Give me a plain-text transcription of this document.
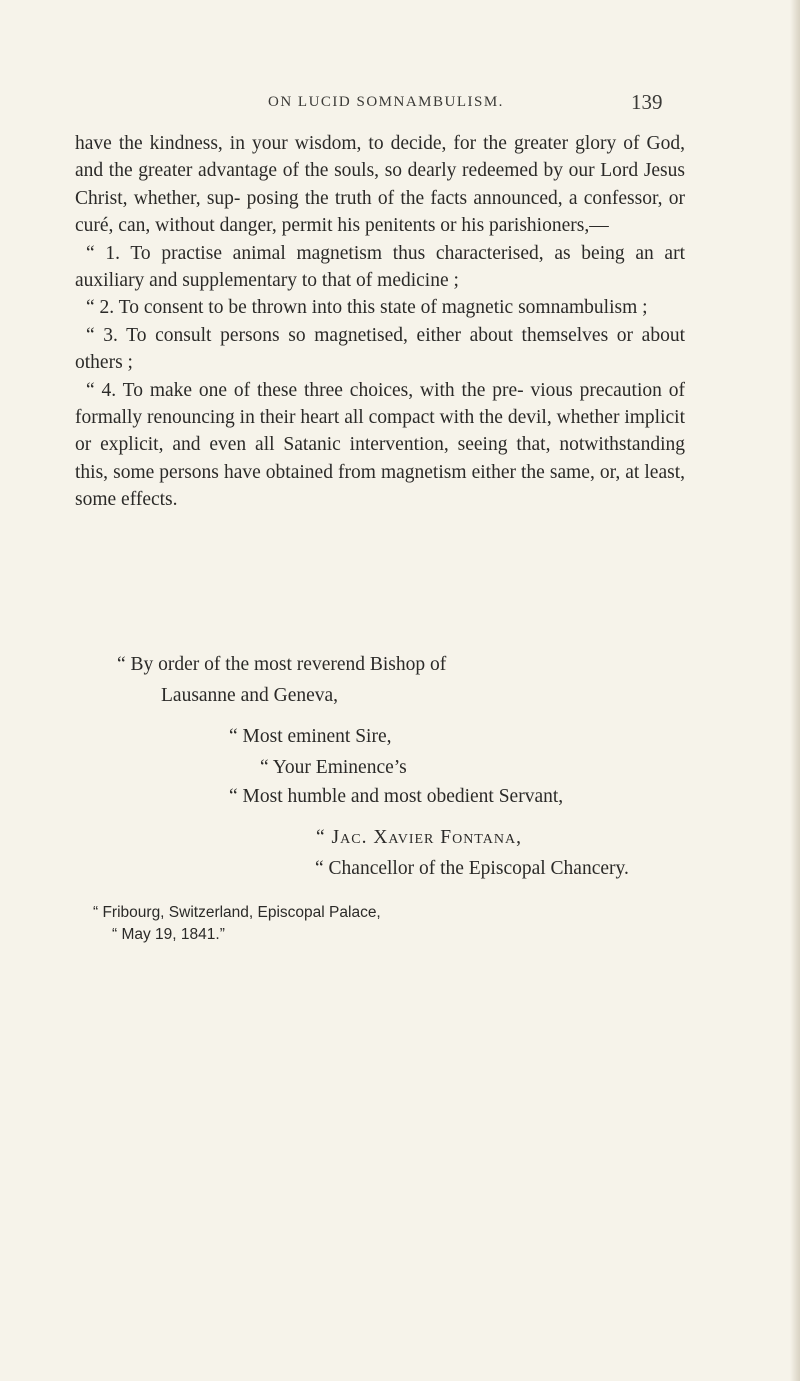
ON LUCID SOMNAMBULISM.	139

have the kindness, in your wisdom, to decide, for the greater glory of God, and the greater advantage of the souls, so dearly redeemed by our Lord Jesus Christ, whether, sup- posing the truth of the facts announced, a confessor, or curé, can, without danger, permit his penitents or his parishioners,—

“ 1. To practise animal magnetism thus characterised, as being an art auxiliary and supplementary to that of medicine ;

“ 2. To consent to be thrown into this state of magnetic somnambulism ;

“ 3. To consult persons so magnetised, either about themselves or about others ;

“ 4. To make one of these three choices, with the pre- vious precaution of formally renouncing in their heart all compact with the devil, whether implicit or explicit, and even all Satanic intervention, seeing that, notwithstanding this, some persons have obtained from magnetism either the same, or, at least, some effects.

“ By order of the most reverend Bishop of
Lausanne and Geneva,
“ Most eminent Sire,
“ Your Eminence’s
“ Most humble and most obedient Servant,
“ Jac. Xavier Fontana,
“ Chancellor of the Episcopal Chancery.
“ Fribourg, Switzerland, Episcopal Palace,
“ May 19, 1841.”
